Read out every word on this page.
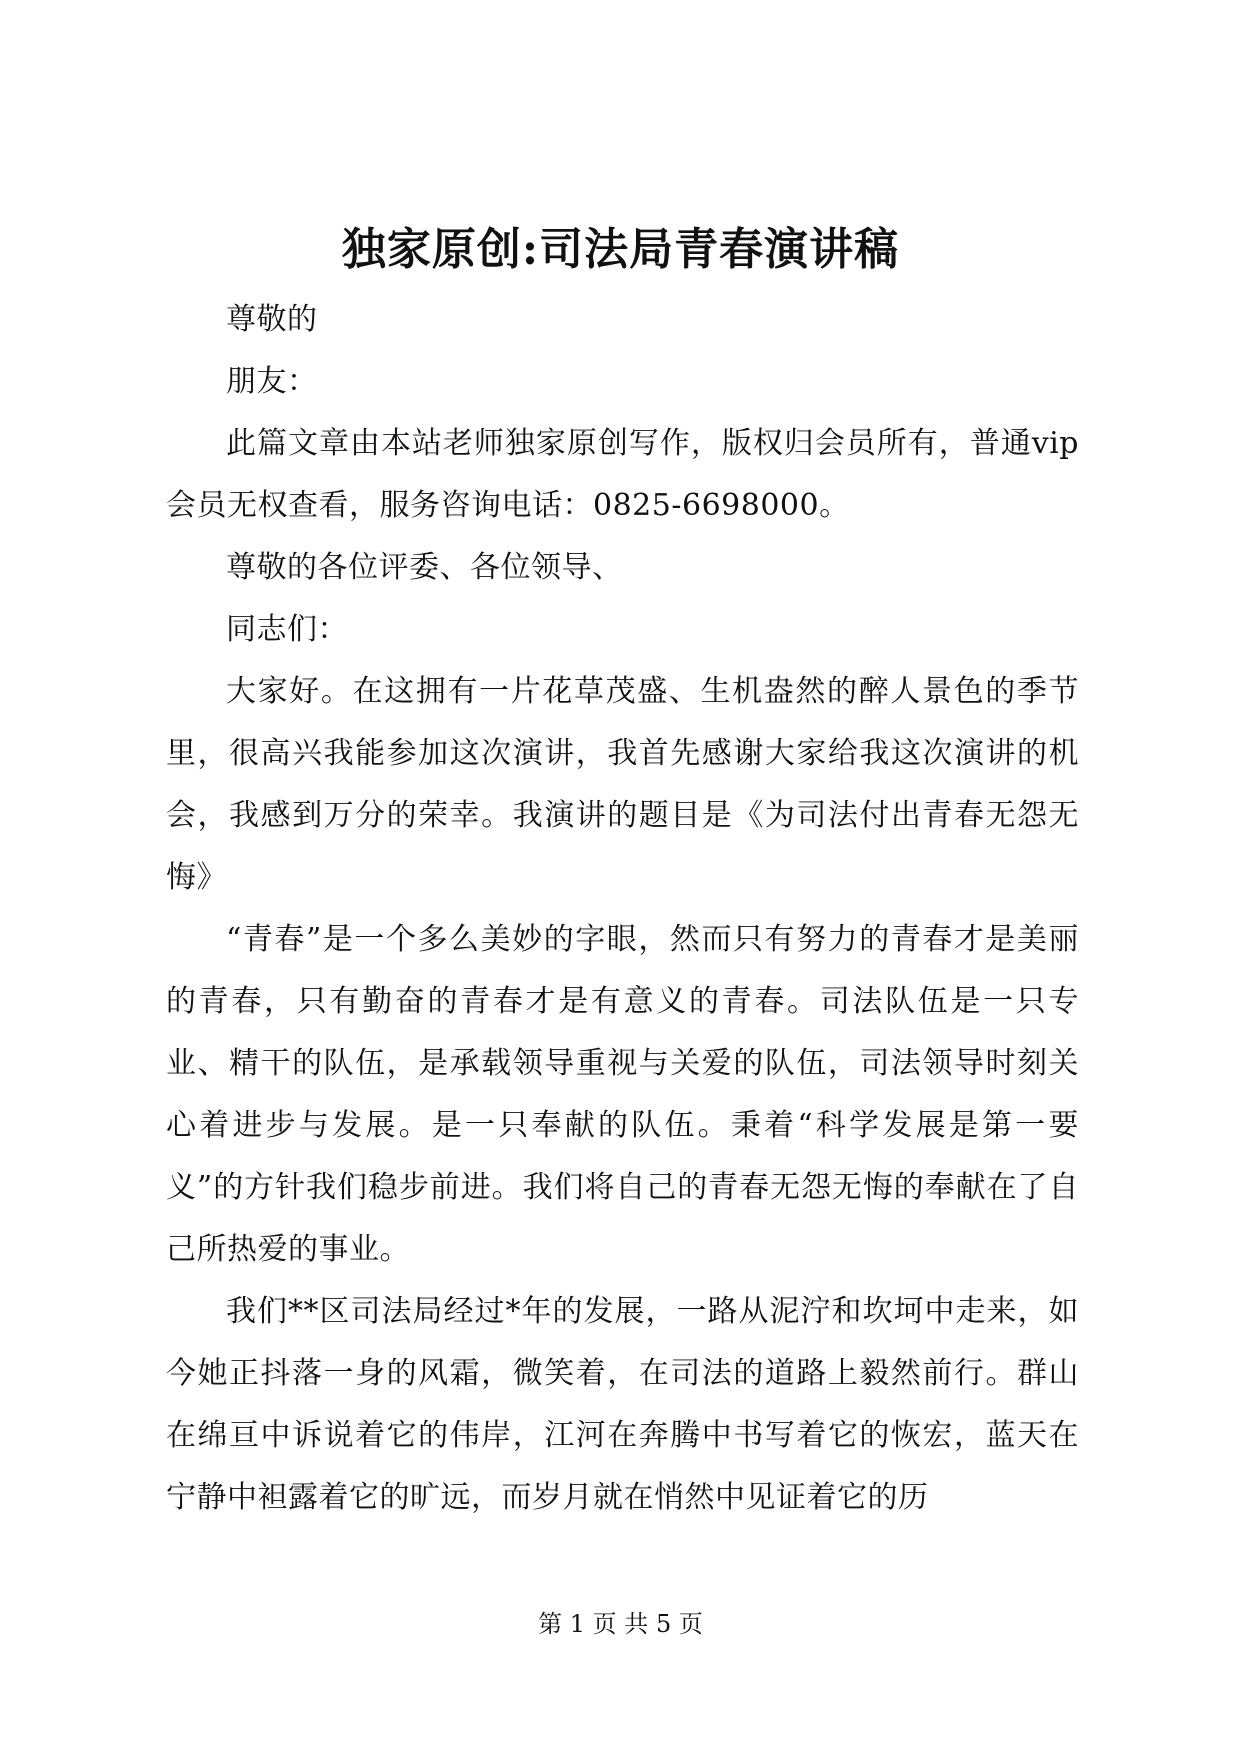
独家原创:司法局青春演讲稿

尊敬的

朋友：

此篇文章由本站老师独家原创写作，版权归会员所有，普通vip会员无权查看，服务咨询电话：0825-6698000。

尊敬的各位评委、各位领导、

同志们：

大家好。在这拥有一片花草茂盛、生机盎然的醉人景色的季节里，很高兴我能参加这次演讲，我首先感谢大家给我这次演讲的机会，我感到万分的荣幸。我演讲的题目是《为司法付出青春无怨无悔》

“青春”是一个多么美妙的字眼，然而只有努力的青春才是美丽的青春，只有勤奋的青春才是有意义的青春。司法队伍是一只专业、精干的队伍，是承载领导重视与关爱的队伍，司法领导时刻关心着进步与发展。是一只奉献的队伍。秉着“科学发展是第一要义”的方针我们稳步前进。我们将自己的青春无怨无悔的奉献在了自己所热爱的事业。

我们**区司法局经过*年的发展，一路从泥泞和坎坷中走来，如今她正抖落一身的风霜，微笑着，在司法的道路上毅然前行。群山在绵亘中诉说着它的伟岸，江河在奔腾中书写着它的恢宏，蓝天在宁静中袒露着它的旷远，而岁月就在悄然中见证着它的历

第 1 页 共 5 页
